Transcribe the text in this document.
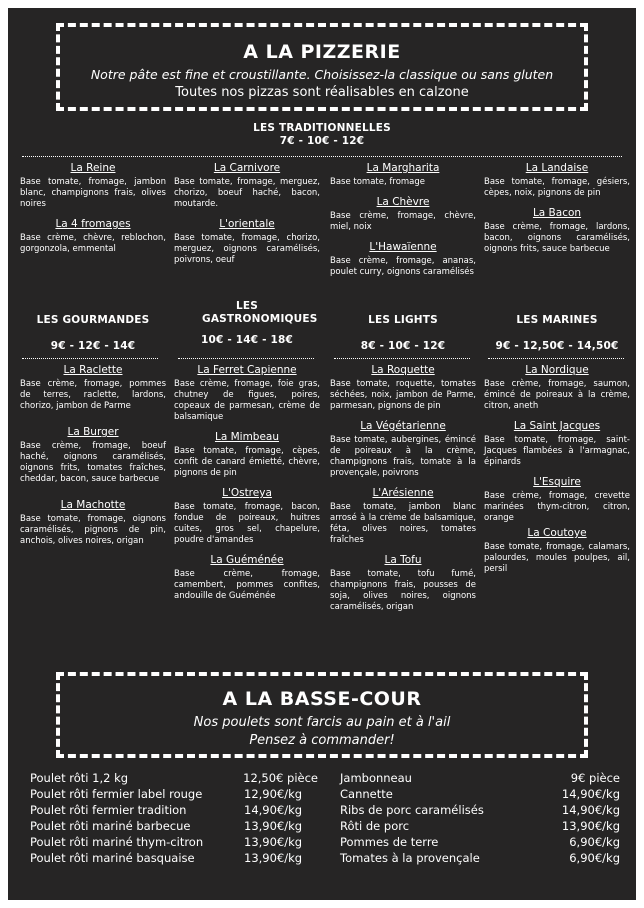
A LA PIZZERIE

Notre pâte est fine et croustillante. Choisissez-la classique ou sans gluten

Toutes nos pizzas sont réalisables en calzone

LES TRADITIONNELLES
7€ - 10€ - 12€
La Reine
Base tomate, fromage, jambon blanc, champignons frais, olives noires
La 4 fromages
Base crème, chèvre, reblochon, gorgonzola, emmental
La Carnivore
Base tomate, fromage, merguez, chorizo, boeuf haché, bacon, moutarde.
L'orientale
Base tomate, fromage, chorizo, merguez, oignons caramélisés, poivrons, oeuf
La Margharita
Base tomate, fromage
La Chèvre
Base crème, fromage, chèvre, miel, noix
L'Hawaïenne
Base crème, fromage, ananas, poulet curry, oignons caramélisés
La Landaise
Base tomate, fromage, gésiers, cèpes, noix, pignons de pin
La Bacon
Base crème, fromage, lardons, bacon, oignons caramélisés, oignons frits, sauce barbecue
LES GOURMANDES
9€ - 12€ - 14€
LES GASTRONOMIQUES
10€ - 14€ - 18€
LES LIGHTS
8€ - 10€ - 12€
LES MARINES
9€ - 12,50€ - 14,50€
La Raclette
Base crème, fromage, pommes de terres, raclette, lardons, chorizo, jambon de Parme
La Burger
Base crème, fromage, boeuf haché, oignons caramélisés, oignons frits, tomates fraîches, cheddar, bacon, sauce barbecue
La Machotte
Base tomate, fromage, oignons caramélisés, pignons de pin, anchois, olives noires, origan
La Ferret Capienne
Base crème, fromage, foie gras, chutney de figues, poires, copeaux de parmesan, crème de balsamique
La Mimbeau
Base tomate, fromage, cèpes, confit de canard émietté, chèvre, pignons de pin
L'Ostreya
Base tomate, fromage, bacon, fondue de poireaux, huitres cuites, gros sel, chapelure, poudre d'amandes
La Guéménée
Base crème, fromage, camembert, pommes confites, andouille de Guéménée
La Roquette
Base tomate, roquette, tomates séchées, noix, jambon de Parme, parmesan, pignons de pin
La Végétarienne
Base tomate, aubergines, émincé de poireaux à la crème, champignons frais, tomate à la provençale, poivrons
L'Arésienne
Base tomate, jambon blanc arrosé à la crème de balsamique, féta, olives noires, tomates fraîches
La Tofu
Base tomate, tofu fumé, champignons frais, pousses de soja, olives noires, oignons caramélisés, origan
La Nordique
Base crème, fromage, saumon, émincé de poireaux à la crème, citron, aneth
La Saint Jacques
Base tomate, fromage, saint-Jacques flambées à l'armagnac, épinards
L'Esquire
Base crème, fromage, crevette marinées thym-citron, citron, orange
La Coutoye
Base tomate, fromage, calamars, palourdes, moules poulpes, ail, persil
A LA BASSE-COUR

Nos poulets sont farcis au pain et à l'ail

Pensez à commander!

Poulet rôti 1,2 kg	12,50€ pièce
Poulet rôti fermier label rouge	12,90€/kg
Poulet rôti fermier tradition	14,90€/kg
Poulet rôti mariné barbecue	13,90€/kg
Poulet rôti mariné thym-citron	13,90€/kg
Poulet rôti mariné basquaise	13,90€/kg
Jambonneau	9€ pièce
Cannette	14,90€/kg
Ribs de porc caramélisés	14,90€/kg
Rôti de porc	13,90€/kg
Pommes de terre	6,90€/kg
Tomates à la provençale	6,90€/kg
